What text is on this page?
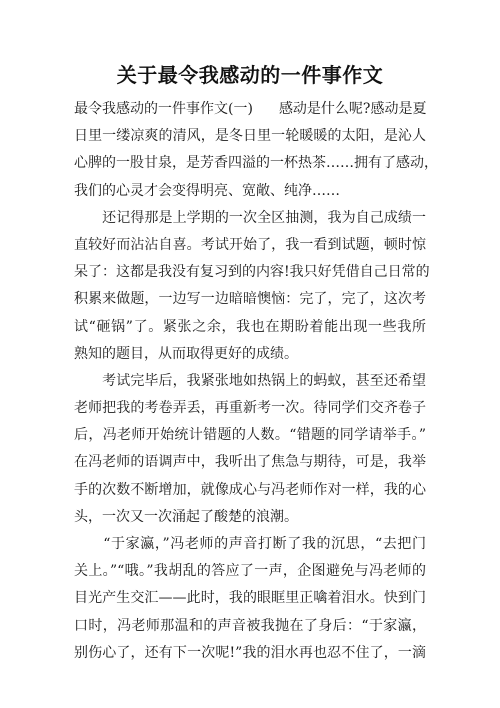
关于最令我感动的一件事作文
最令我感动的一件事作文(一) 感动是什么呢?感动是夏
日里一缕凉爽的清风，是冬日里一轮暖暖的太阳，是沁人
心脾的一股甘泉，是芳香四溢的一杯热茶……拥有了感动，
我们的心灵才会变得明亮、宽敞、纯净……
　　还记得那是上学期的一次全区抽测，我为自己成绩一
直较好而沾沾自喜。考试开始了，我一看到试题，顿时惊
呆了：这都是我没有复习到的内容!我只好凭借自己日常的
积累来做题，一边写一边暗暗懊恼：完了，完了，这次考
试“砸锅”了。紧张之余，我也在期盼着能出现一些我所
熟知的题目，从而取得更好的成绩。
　　考试完毕后，我紧张地如热锅上的蚂蚁，甚至还希望
老师把我的考卷弄丢，再重新考一次。待同学们交齐卷子
后，冯老师开始统计错题的人数。“错题的同学请举手。”
在冯老师的语调声中，我听出了焦急与期待，可是，我举
手的次数不断增加，就像成心与冯老师作对一样，我的心
头，一次又一次涌起了酸楚的浪潮。
　　“于家瀛，”冯老师的声音打断了我的沉思，“去把门
关上。”“哦。”我胡乱的答应了一声，企图避免与冯老师的
目光产生交汇——此时，我的眼眶里正噙着泪水。快到门
口时，冯老师那温和的声音被我抛在了身后：“于家瀛，
别伤心了，还有下一次呢!”我的泪水再也忍不住了，一滴
